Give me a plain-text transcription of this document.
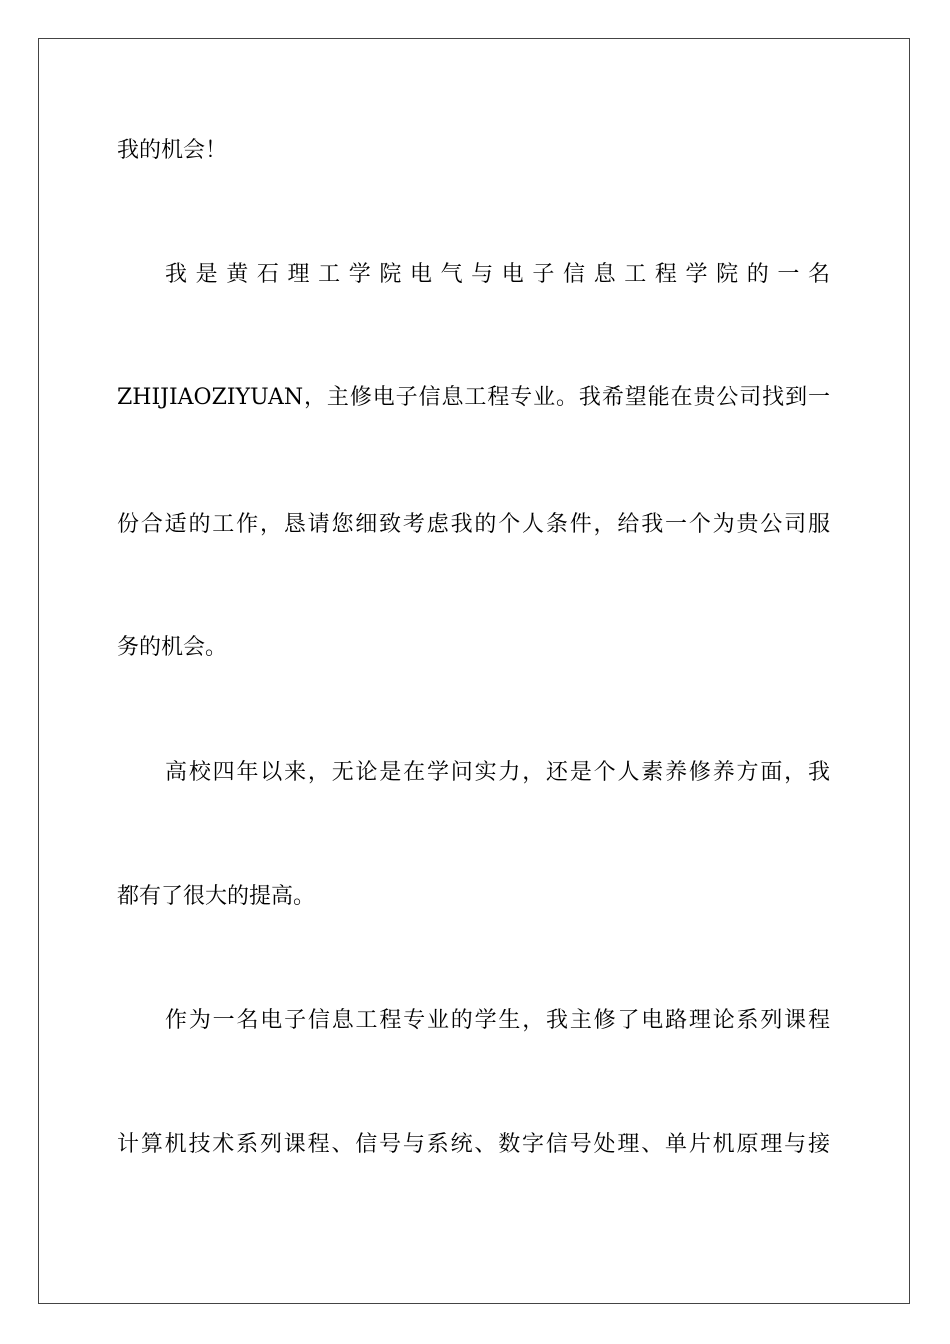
我的机会！
我是黄石理工学院电气与电子信息工程学院的一名
ZHIJIAOZIYUAN，主修电子信息工程专业。我希望能在贵公司找到一
份合适的工作，恳请您细致考虑我的个人条件，给我一个为贵公司服
务的机会。
高校四年以来，无论是在学问实力，还是个人素养修养方面，我
都有了很大的提高。
作为一名电子信息工程专业的学生，我主修了电路理论系列课程
计算机技术系列课程、信号与系统、数字信号处理、单片机原理与接
